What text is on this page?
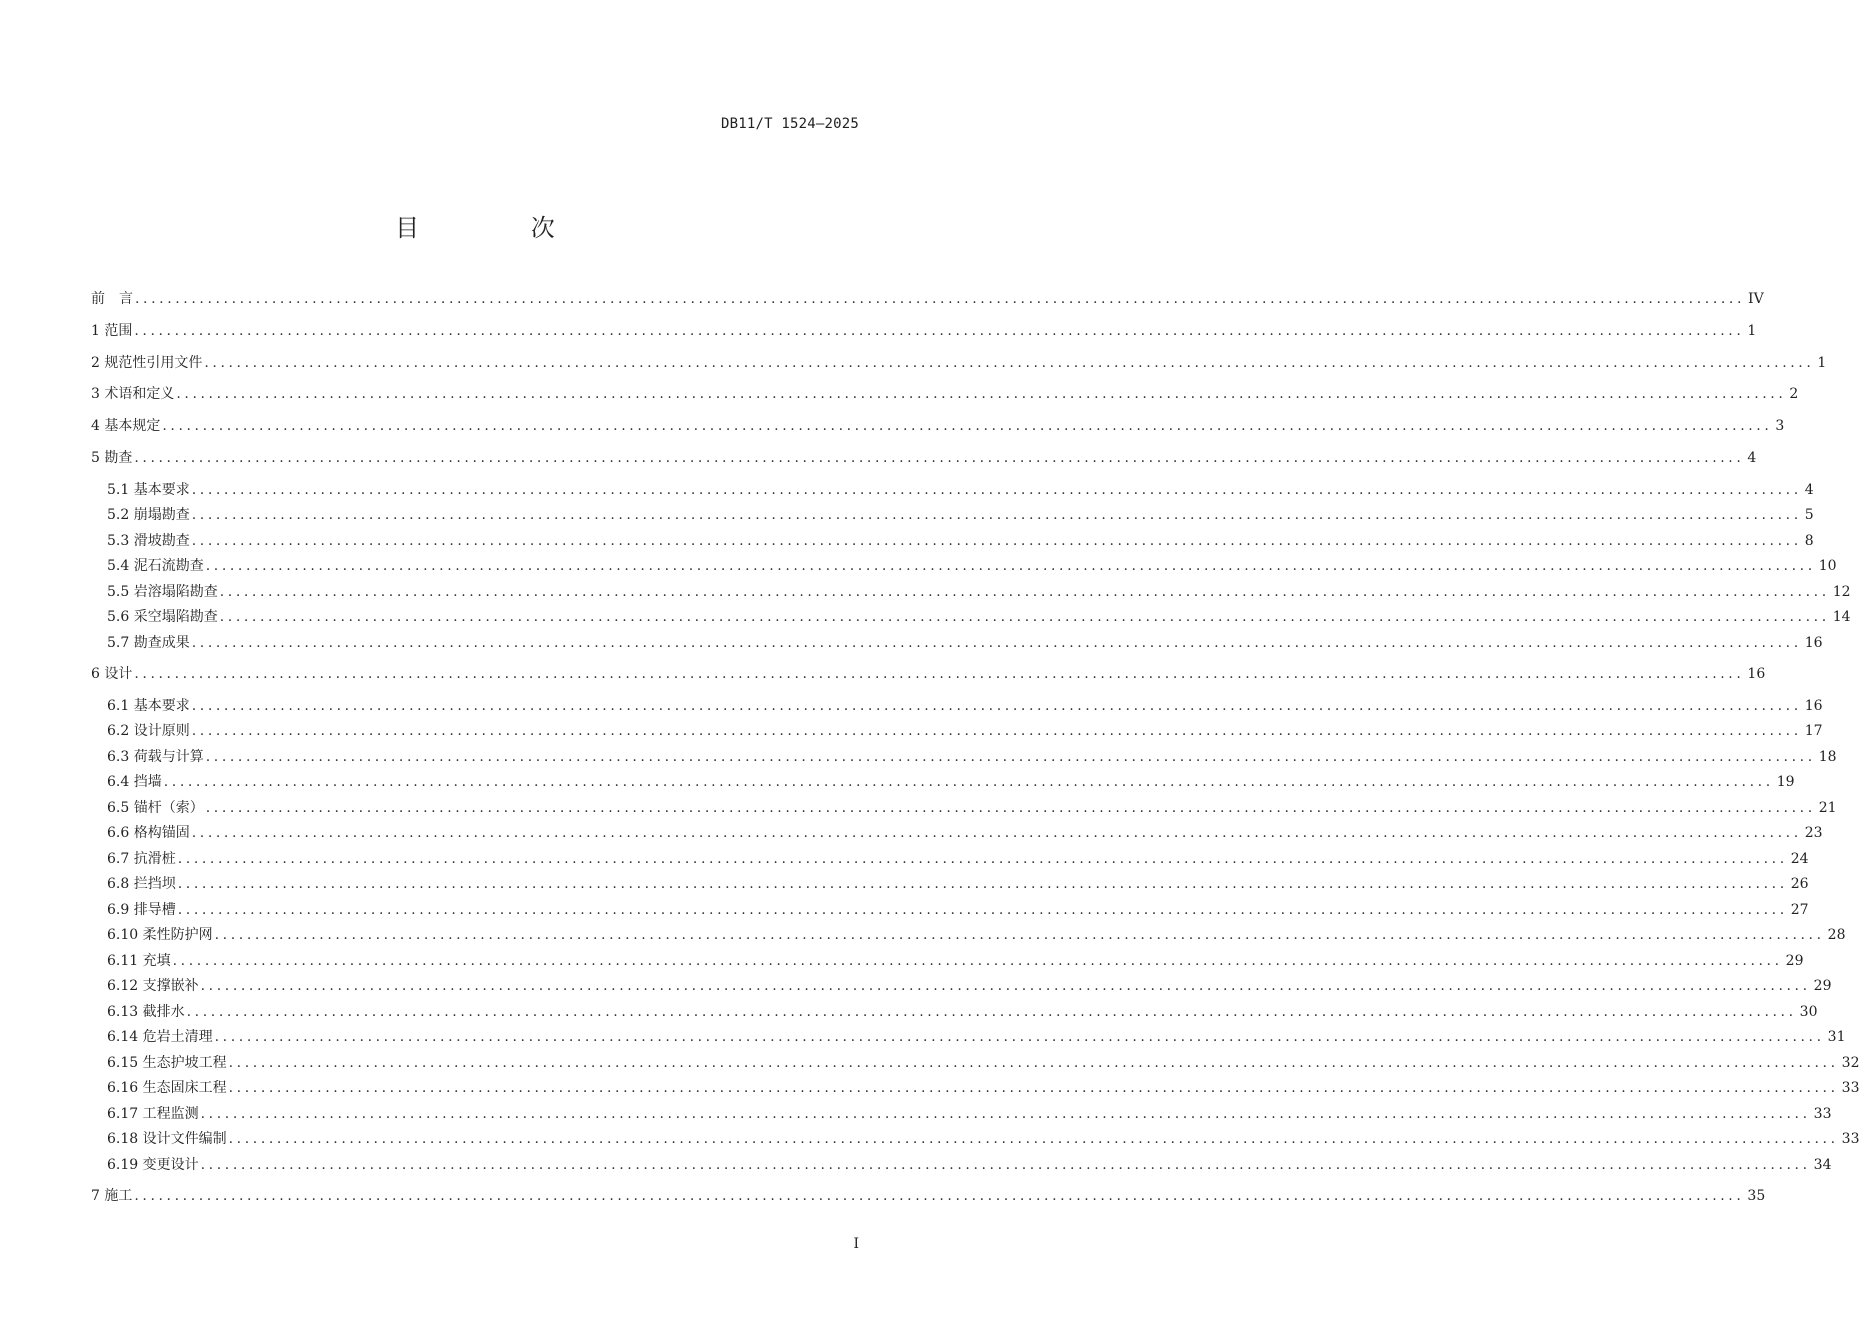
DB11/T 1524—2025
目 次
前　言 ........................................................................................................................................................................................................ IV
1 范围 ........................................................................................................................................................................................................ 1
2 规范性引用文件 ........................................................................................................................................................................................................ 1
3 术语和定义 ........................................................................................................................................................................................................ 2
4 基本规定 ........................................................................................................................................................................................................ 3
5 勘查 ........................................................................................................................................................................................................ 4
5.1 基本要求 ........................................................................................................................................................................................................ 4
5.2 崩塌勘查 ........................................................................................................................................................................................................ 5
5.3 滑坡勘查 ........................................................................................................................................................................................................ 8
5.4 泥石流勘查 ........................................................................................................................................................................................................ 10
5.5 岩溶塌陷勘查 ........................................................................................................................................................................................................ 12
5.6 采空塌陷勘查 ........................................................................................................................................................................................................ 14
5.7 勘查成果 ........................................................................................................................................................................................................ 16
6 设计 ........................................................................................................................................................................................................ 16
6.1 基本要求 ........................................................................................................................................................................................................ 16
6.2 设计原则 ........................................................................................................................................................................................................ 17
6.3 荷载与计算 ........................................................................................................................................................................................................ 18
6.4 挡墙 ........................................................................................................................................................................................................ 19
6.5 锚杆（索） ........................................................................................................................................................................................................ 21
6.6 格构锚固 ........................................................................................................................................................................................................ 23
6.7 抗滑桩 ........................................................................................................................................................................................................ 24
6.8 拦挡坝 ........................................................................................................................................................................................................ 26
6.9 排导槽 ........................................................................................................................................................................................................ 27
6.10 柔性防护网 ........................................................................................................................................................................................................ 28
6.11 充填 ........................................................................................................................................................................................................ 29
6.12 支撑嵌补 ........................................................................................................................................................................................................ 29
6.13 截排水 ........................................................................................................................................................................................................ 30
6.14 危岩土清理 ........................................................................................................................................................................................................ 31
6.15 生态护坡工程 ........................................................................................................................................................................................................ 32
6.16 生态固床工程 ........................................................................................................................................................................................................ 33
6.17 工程监测 ........................................................................................................................................................................................................ 33
6.18 设计文件编制 ........................................................................................................................................................................................................ 33
6.19 变更设计 ........................................................................................................................................................................................................ 34
7 施工 ........................................................................................................................................................................................................ 35
I
